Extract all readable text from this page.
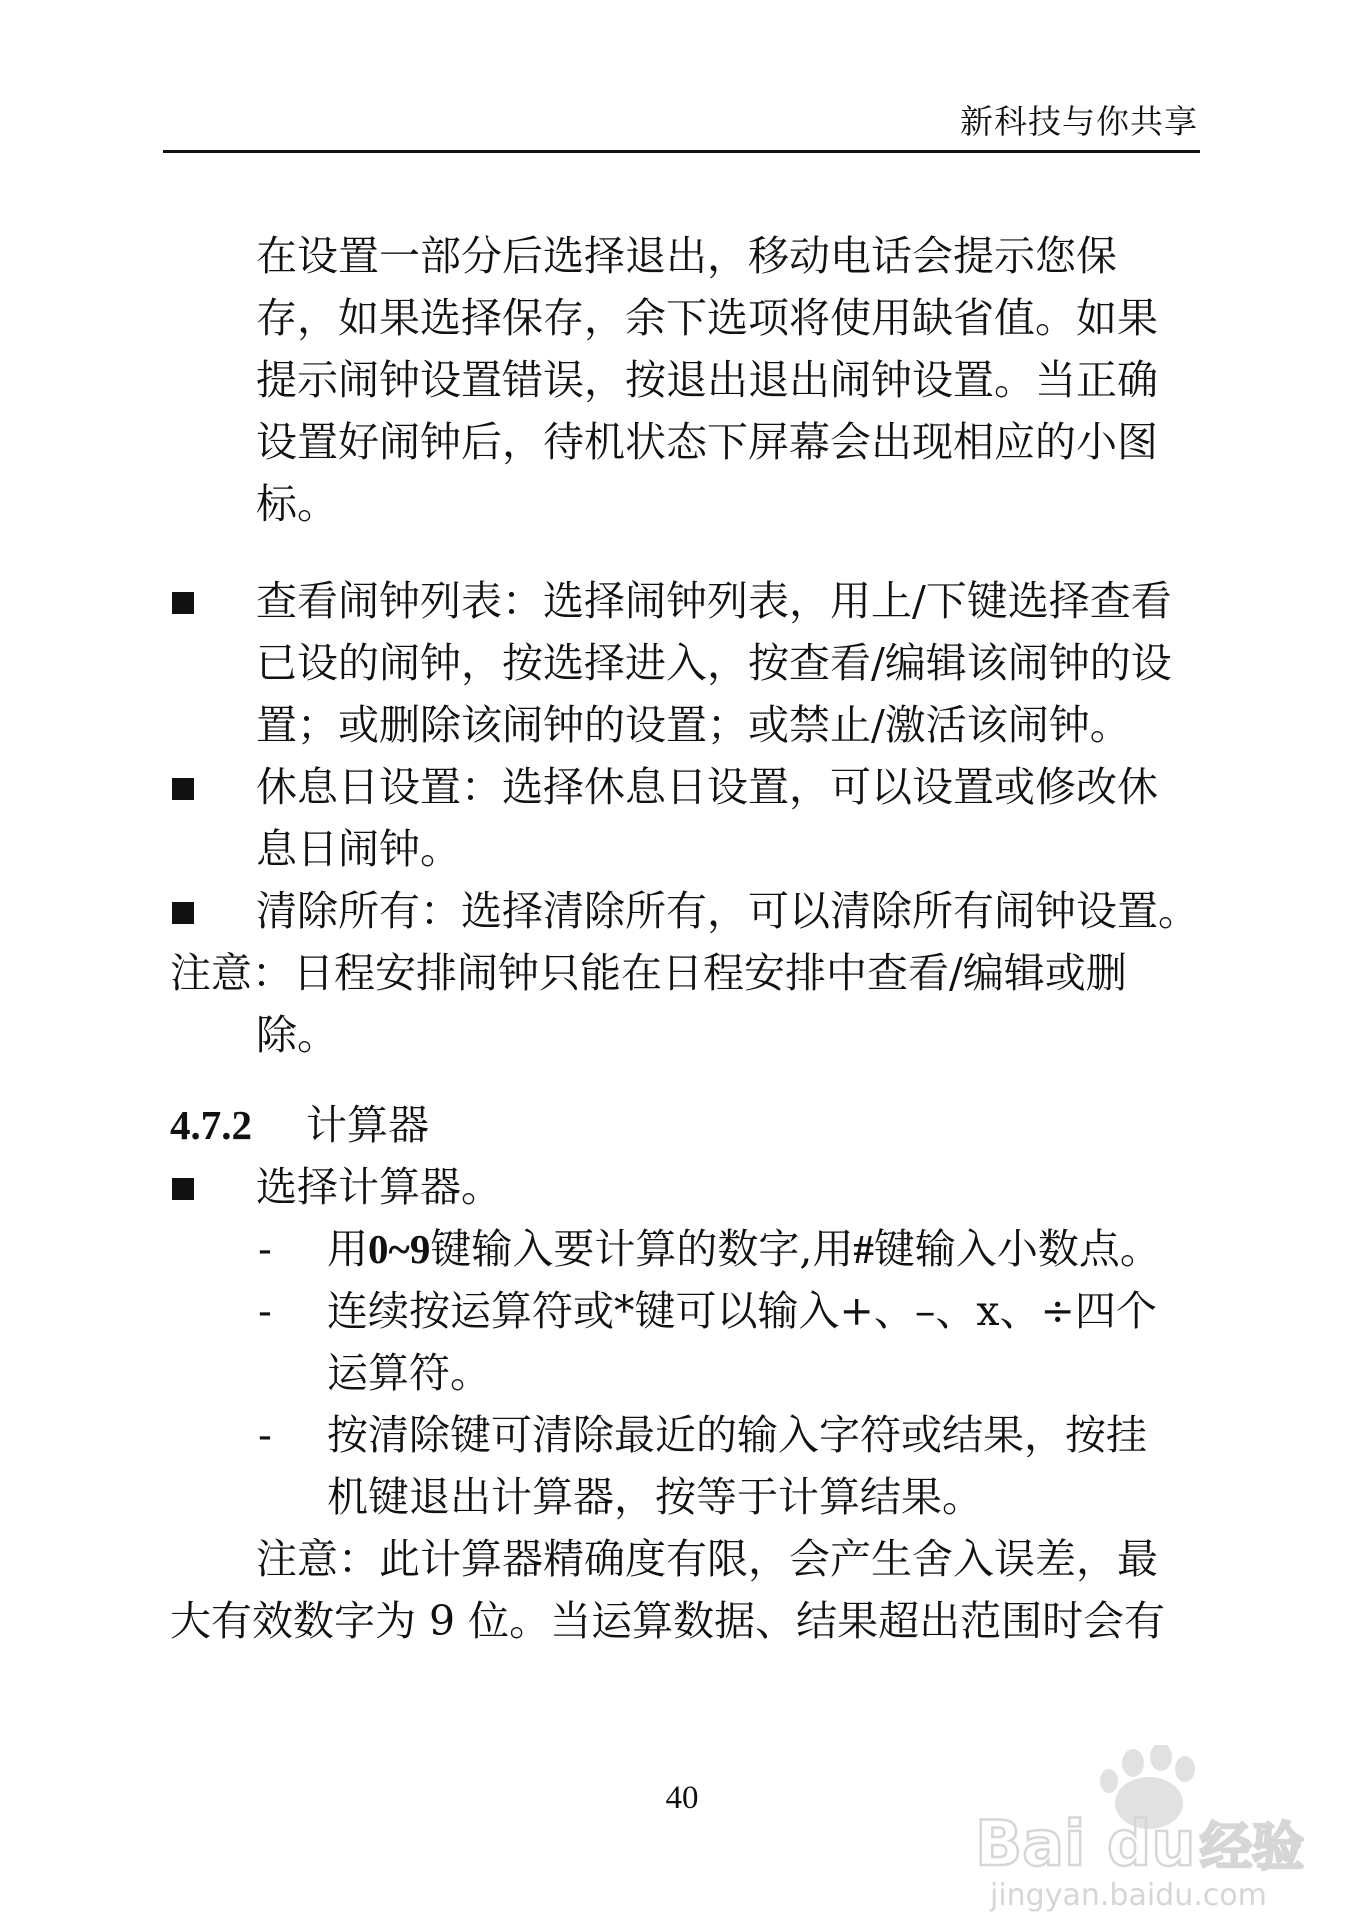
新科技与你共享
在设置一部分后选择退出，移动电话会提示您保
存，如果选择保存，余下选项将使用缺省值。如果
提示闹钟设置错误，按退出退出闹钟设置。当正确
设置好闹钟后，待机状态下屏幕会出现相应的小图
标。
查看闹钟列表：选择闹钟列表，用上/下键选择查看
已设的闹钟，按选择进入，按查看/编辑该闹钟的设
置；或删除该闹钟的设置；或禁止/激活该闹钟。
休息日设置：选择休息日设置，可以设置或修改休
息日闹钟。
清除所有：选择清除所有，可以清除所有闹钟设置。
注意：日程安排闹钟只能在日程安排中查看/编辑或删
除。
4.7.2 计算器
选择计算器。
- 用0~9键输入要计算的数字,用#键输入小数点。
- 连续按运算符或*键可以输入+、–、x、÷四个
运算符。
- 按清除键可清除最近的输入字符或结果，按挂
机键退出计算器，按等于计算结果。
注意：此计算器精确度有限，会产生舍入误差，最
大有效数字为 9 位。当运算数据、结果超出范围时会有
40
Bai du 经验
jingyan.baidu.com
